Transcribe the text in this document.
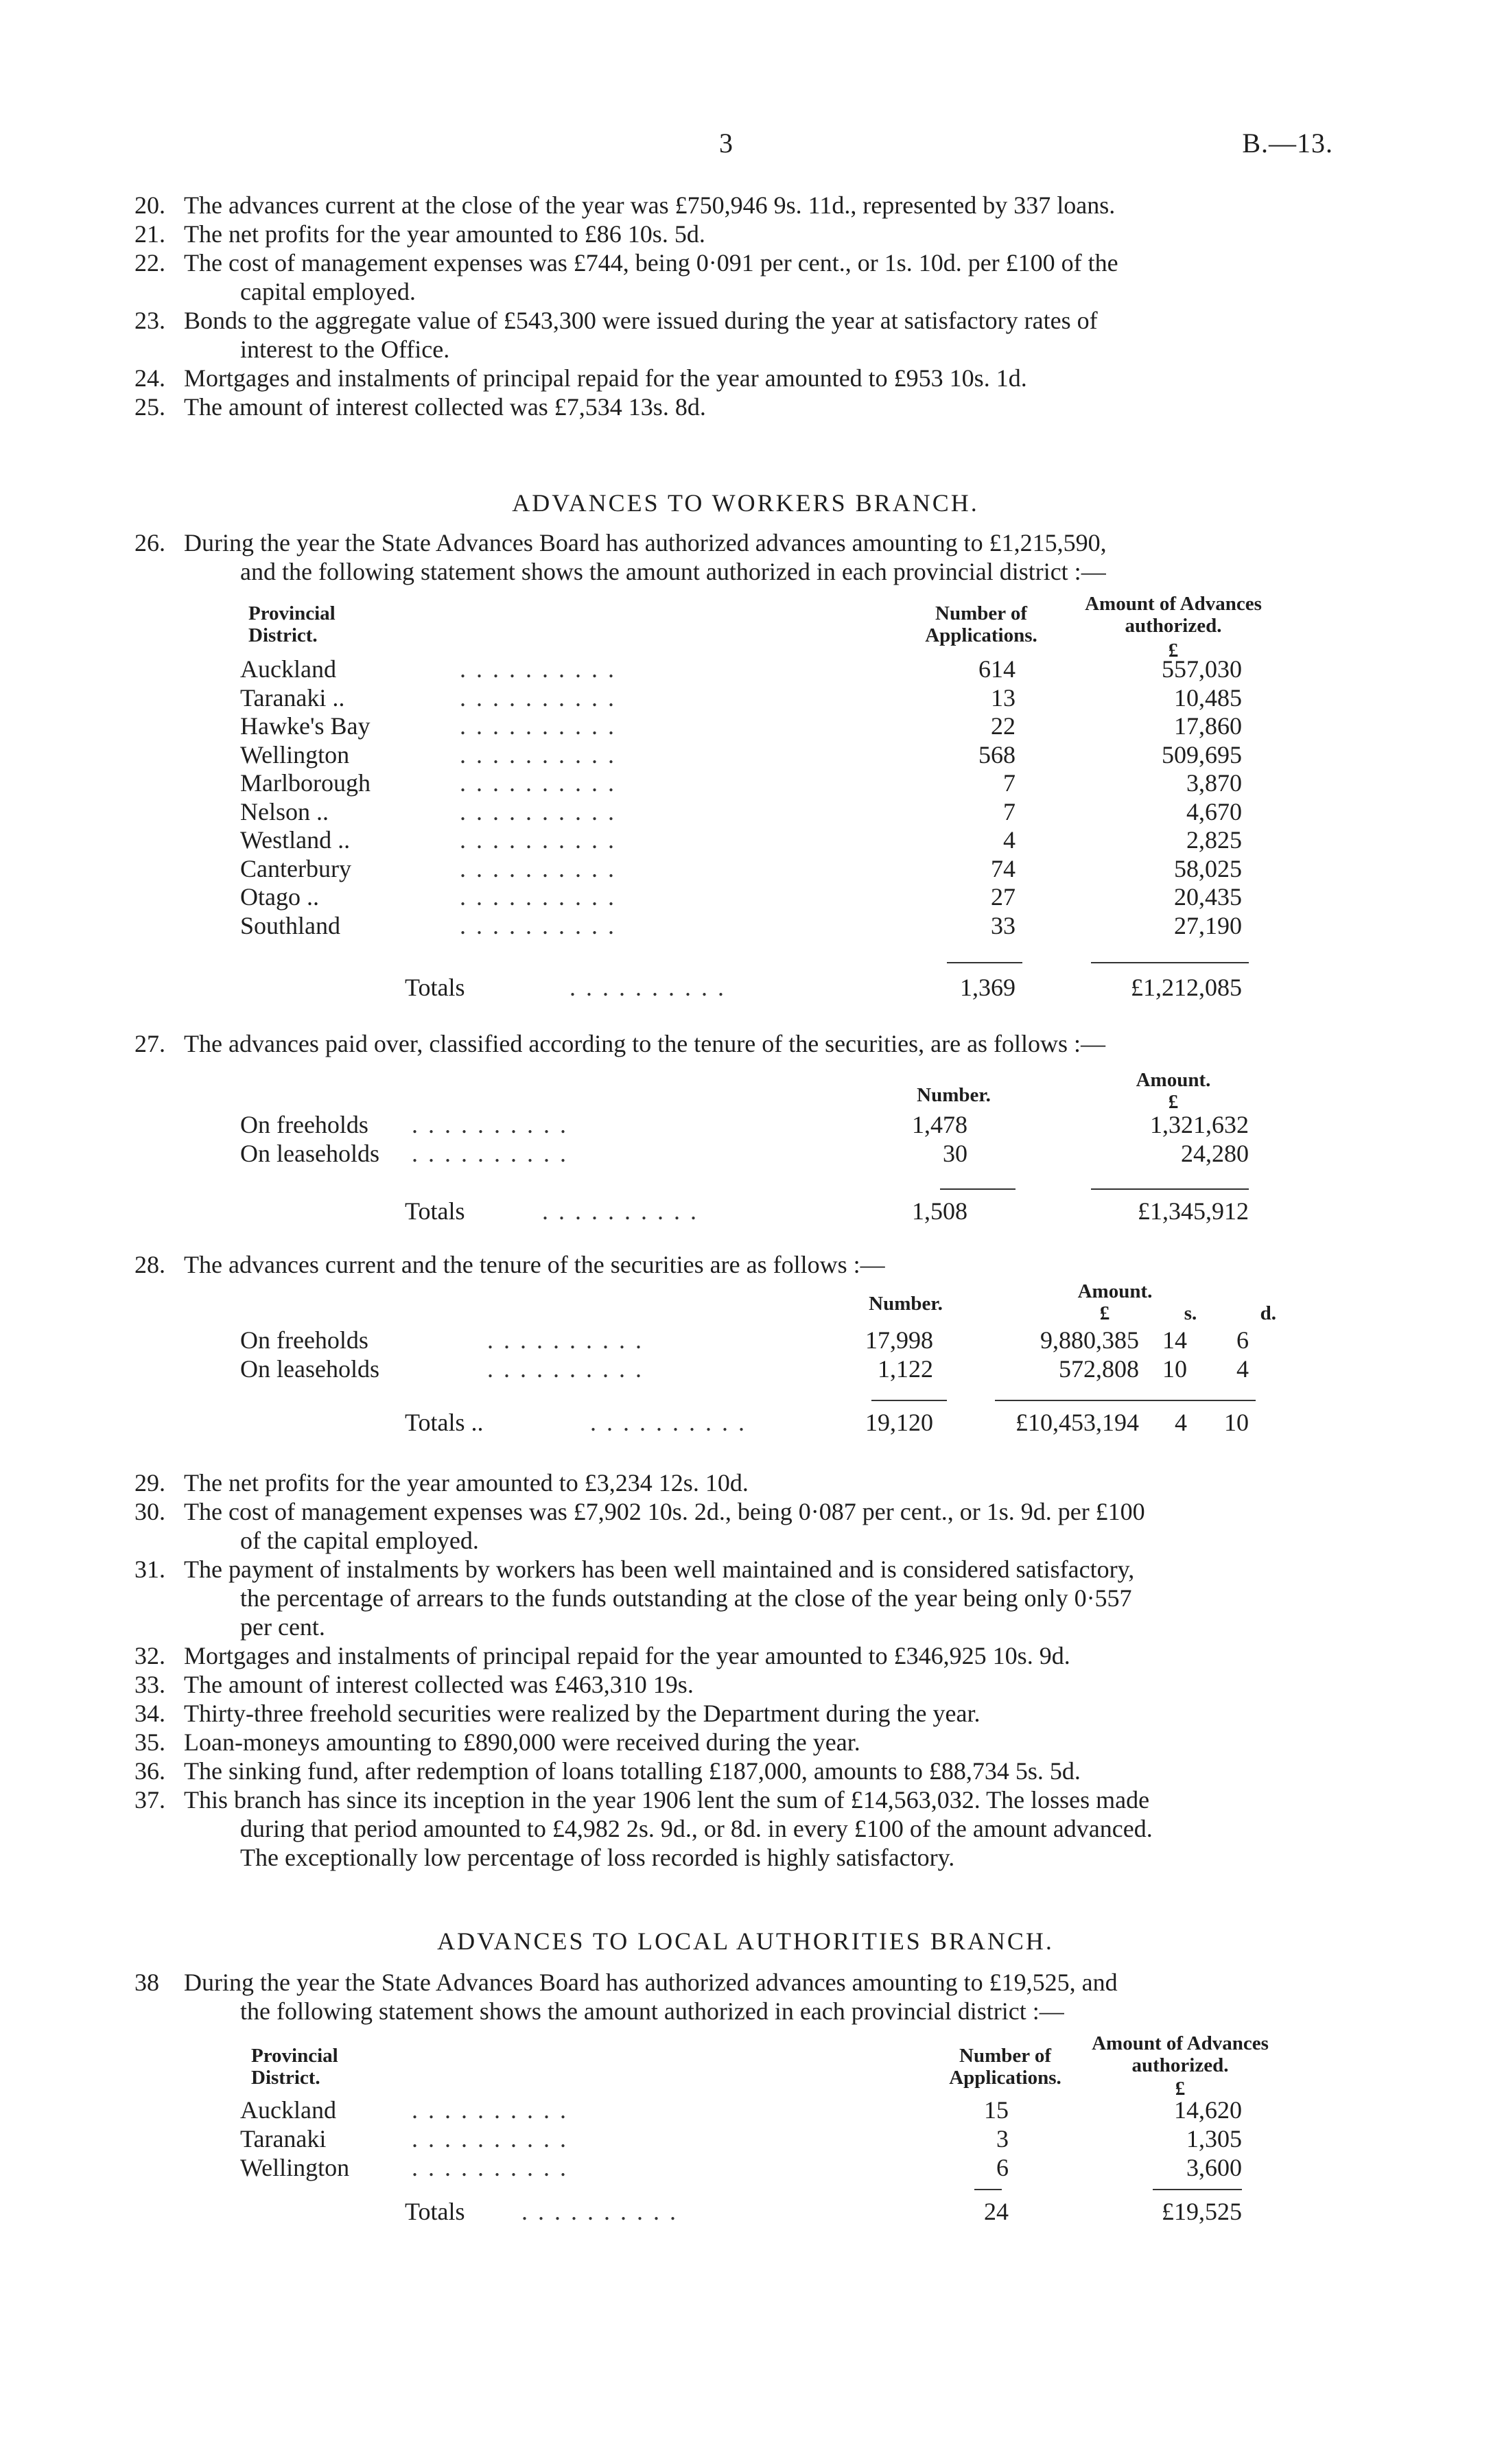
3	B.—13.
20. The advances current at the close of the year was £750,946 9s. 11d., represented by 337 loans.
21. The net profits for the year amounted to £86 10s. 5d.
22. The cost of management expenses was £744, being 0·091 per cent., or 1s. 10d. per £100 of the
capital employed.
23. Bonds to the aggregate value of £543,300 were issued during the year at satisfactory rates of
interest to the Office.
24. Mortgages and instalments of principal repaid for the year amounted to £953 10s. 1d.
25. The amount of interest collected was £7,534 13s. 8d.
ADVANCES TO WORKERS BRANCH.
26. During the year the State Advances Board has authorized advances amounting to £1,215,590,
and the following statement shows the amount authorized in each provincial district :—
Provincial District.
Number of Applications.
Amount of Advances authorized.
£
Auckland	. . . . . . . . . .	614	557,030
Taranaki ..	. . . . . . . . . .	13	10,485
Hawke's Bay	. . . . . . . . . .	22	17,860
Wellington	. . . . . . . . . .	568	509,695
Marlborough	. . . . . . . . . .	7	3,870
Nelson ..	. . . . . . . . . .	7	4,670
Westland ..	. . . . . . . . . .	4	2,825
Canterbury	. . . . . . . . . .	74	58,025
Otago ..	. . . . . . . . . .	27	20,435
Southland	. . . . . . . . . .	33	27,190
Totals	. . . . . . . . . .	1,369	£1,212,085
27. The advances paid over, classified according to the tenure of the securities, are as follows :—
Number.
Amount.
£
On freeholds . . . . . . . . . .	1,478	1,321,632
On leaseholds . . . . . . . . . .	30	24,280
Totals	. . . . . . . . . .	1,508	£1,345,912
28. The advances current and the tenure of the securities are as follows :—
Number.
Amount.
£	s.	d.
On freeholds	. . . . . . . . . .	17,998	9,880,385 14	6
On leaseholds	. . . . . . . . . .	1,122	572,808 10	4
Totals ..	. . . . . . . . . .	19,120	£10,453,194	4	10
29. The net profits for the year amounted to £3,234 12s. 10d.
30. The cost of management expenses was £7,902 10s. 2d., being 0·087 per cent., or 1s. 9d. per £100
of the capital employed.
31. The payment of instalments by workers has been well maintained and is considered satisfactory,
the percentage of arrears to the funds outstanding at the close of the year being only 0·557
per cent.
32. Mortgages and instalments of principal repaid for the year amounted to £346,925 10s. 9d.
33. The amount of interest collected was £463,310 19s.
34. Thirty-three freehold securities were realized by the Department during the year.
35. Loan-moneys amounting to £890,000 were received during the year.
36. The sinking fund, after redemption of loans totalling £187,000, amounts to £88,734 5s. 5d.
37. This branch has since its inception in the year 1906 lent the sum of £14,563,032. The losses made
during that period amounted to £4,982 2s. 9d., or 8d. in every £100 of the amount advanced.
The exceptionally low percentage of loss recorded is highly satisfactory.
ADVANCES TO LOCAL AUTHORITIES BRANCH.
38	During the year the State Advances Board has authorized advances amounting to £19,525, and
the following statement shows the amount authorized in each provincial district :—
Provincial District.
Number of Applications.
Amount of Advances authorized.
£
Auckland	. . . . . . . . . .	15	14,620
Taranaki	. . . . . . . . . .	3	1,305
Wellington	. . . . . . . . . .	6	3,600
Totals . . . . . . . . . .	24	£19,525
